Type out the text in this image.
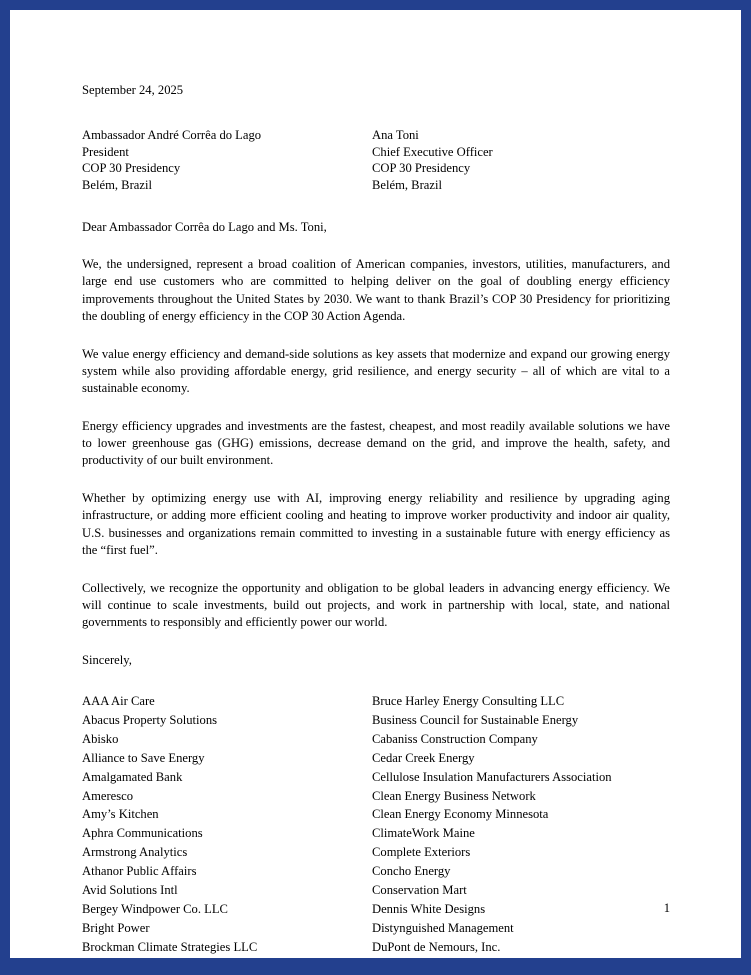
September 24, 2025
Ambassador André Corrêa do Lago
President
COP 30 Presidency
Belém, Brazil
Ana Toni
Chief Executive Officer
COP 30 Presidency
Belém, Brazil
Dear Ambassador Corrêa do Lago and Ms. Toni,

We, the undersigned, represent a broad coalition of American companies, investors, utilities, manufacturers, and large end use customers who are committed to helping deliver on the goal of doubling energy efficiency improvements throughout the United States by 2030. We want to thank Brazil’s COP 30 Presidency for prioritizing the doubling of energy efficiency in the COP 30 Action Agenda.

We value energy efficiency and demand-side solutions as key assets that modernize and expand our growing energy system while also providing affordable energy, grid resilience, and energy security – all of which are vital to a sustainable economy.

Energy efficiency upgrades and investments are the fastest, cheapest, and most readily available solutions we have to lower greenhouse gas (GHG) emissions, decrease demand on the grid, and improve the health, safety, and productivity of our built environment.

Whether by optimizing energy use with AI, improving energy reliability and resilience by upgrading aging infrastructure, or adding more efficient cooling and heating to improve worker productivity and indoor air quality, U.S. businesses and organizations remain committed to investing in a sustainable future with energy efficiency as the “first fuel”.

Collectively, we recognize the opportunity and obligation to be global leaders in advancing energy efficiency. We will continue to scale investments, build out projects, and work in partnership with local, state, and national governments to responsibly and efficiently power our world.

Sincerely,
AAA Air Care
Abacus Property Solutions
Abisko
Alliance to Save Energy
Amalgamated Bank
Ameresco
Amy’s Kitchen
Aphra Communications
Armstrong Analytics
Athanor Public Affairs
Avid Solutions Intl
Bergey Windpower Co. LLC
Bright Power
Brockman Climate Strategies LLC
Bruce Harley Energy Consulting LLC
Business Council for Sustainable Energy
Cabaniss Construction Company
Cedar Creek Energy
Cellulose Insulation Manufacturers Association
Clean Energy Business Network
Clean Energy Economy Minnesota
ClimateWork Maine
Complete Exteriors
Concho Energy
Conservation Mart
Dennis White Designs
Distynguished Management
DuPont de Nemours, Inc.
1
